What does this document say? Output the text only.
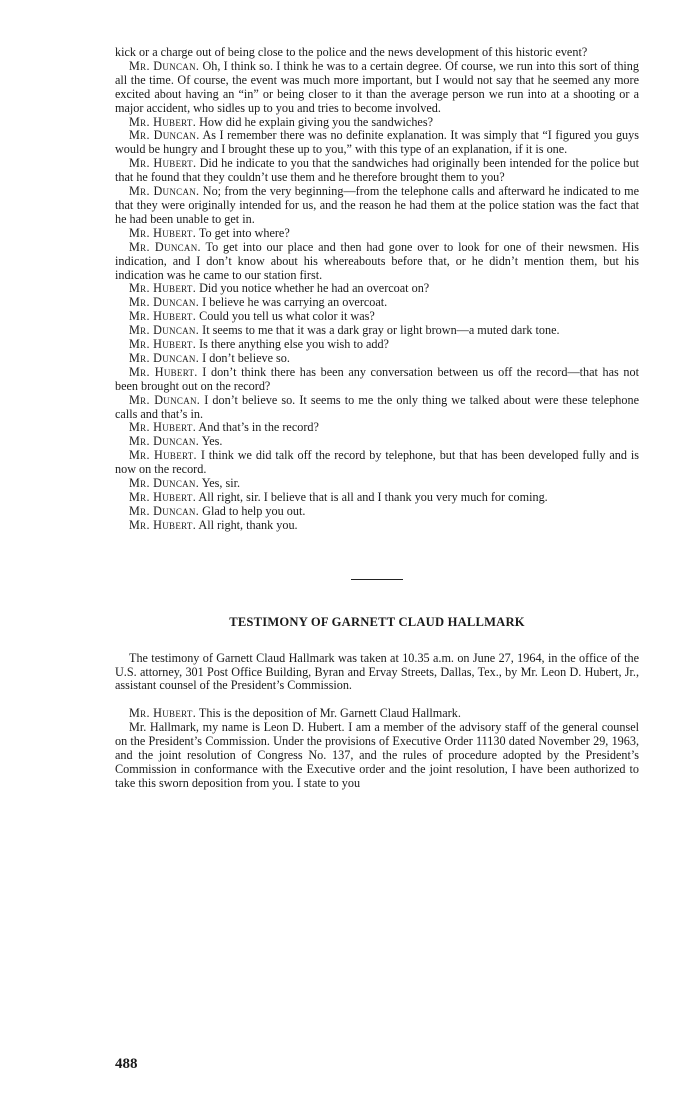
kick or a charge out of being close to the police and the news development of this historic event?

Mr. Duncan. Oh, I think so. I think he was to a certain degree. Of course, we run into this sort of thing all the time. Of course, the event was much more important, but I would not say that he seemed any more excited about having an “in” or being closer to it than the average person we run into at a shooting or a major accident, who sidles up to you and tries to become involved.

Mr. Hubert. How did he explain giving you the sandwiches?

Mr. Duncan. As I remember there was no definite explanation. It was simply that “I figured you guys would be hungry and I brought these up to you,” with this type of an explanation, if it is one.

Mr. Hubert. Did he indicate to you that the sandwiches had originally been intended for the police but that he found that they couldn’t use them and he therefore brought them to you?

Mr. Duncan. No; from the very beginning—from the telephone calls and afterward he indicated to me that they were originally intended for us, and the reason he had them at the police station was the fact that he had been unable to get in.

Mr. Hubert. To get into where?

Mr. Duncan. To get into our place and then had gone over to look for one of their newsmen. His indication, and I don’t know about his whereabouts before that, or he didn’t mention them, but his indication was he came to our station first.

Mr. Hubert. Did you notice whether he had an overcoat on?

Mr. Duncan. I believe he was carrying an overcoat.

Mr. Hubert. Could you tell us what color it was?

Mr. Duncan. It seems to me that it was a dark gray or light brown—a muted dark tone.

Mr. Hubert. Is there anything else you wish to add?

Mr. Duncan. I don’t believe so.

Mr. Hubert. I don’t think there has been any conversation between us off the record—that has not been brought out on the record?

Mr. Duncan. I don’t believe so. It seems to me the only thing we talked about were these telephone calls and that’s in.

Mr. Hubert. And that’s in the record?

Mr. Duncan. Yes.

Mr. Hubert. I think we did talk off the record by telephone, but that has been developed fully and is now on the record.

Mr. Duncan. Yes, sir.

Mr. Hubert. All right, sir. I believe that is all and I thank you very much for coming.

Mr. Duncan. Glad to help you out.

Mr. Hubert. All right, thank you.

TESTIMONY OF GARNETT CLAUD HALLMARK

The testimony of Garnett Claud Hallmark was taken at 10.35 a.m. on June 27, 1964, in the office of the U.S. attorney, 301 Post Office Building, Byran and Ervay Streets, Dallas, Tex., by Mr. Leon D. Hubert, Jr., assistant counsel of the President’s Commission.

Mr. Hubert. This is the deposition of Mr. Garnett Claud Hallmark.

Mr. Hallmark, my name is Leon D. Hubert. I am a member of the advisory staff of the general counsel on the President’s Commission. Under the provisions of Executive Order 11130 dated November 29, 1963, and the joint resolution of Congress No. 137, and the rules of procedure adopted by the President’s Commission in conformance with the Executive order and the joint resolution, I have been authorized to take this sworn deposition from you. I state to you

488
